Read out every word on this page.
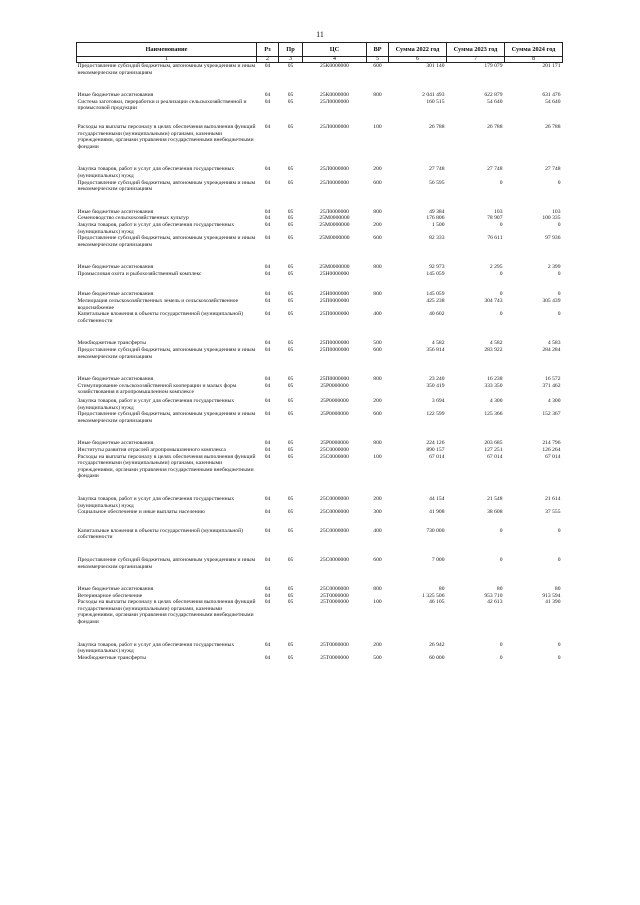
11
Наименование	Рз	Пр	ЦС	ВР	Сумма 2022 год	Сумма 2023 год	Сумма 2024 год
1	2	3	4	5	6	7	8
Предоставление субсидий бюджетным, автономным учреждениям и иным некоммерческим организациям	04	05	25К0000000	600	301 140	179 079	201 171

Иные бюджетные ассигнования	04	05	25К0000000	800	2 041 493	622 879	631 476
Система заготовки, переработки и реализации сельскохозяйственной и промысловой продукции	04	05	25Л0000000		160 515	54 640	54 640

Расходы на выплаты персоналу в целях обеспечения выполнения функций государственными (муниципальными) органами, казенными учреждениями, органами управления государственными внебюджетными фондами	04	05	25Л0000000	100	26 788	26 788	26 788

Закупка товаров, работ и услуг для обеспечения государственных (муниципальных) нужд	04	05	25Л0000000	200	27 748	27 748	27 748
Предоставление субсидий бюджетным, автономным учреждениям и иным некоммерческим организациям	04	05	25Л0000000	600	56 595	0	0

Иные бюджетные ассигнования	04	05	25Л0000000	800	49 384	103	103
Семеноводство сельскохозяйственных культур	04	05	25М0000000		176 806	78 907	100 335
Закупка товаров, работ и услуг для обеспечения государственных (муниципальных) нужд	04	05	25М0000000	200	1 500	0	0
Предоставление субсидий бюджетным, автономным учреждениям и иным некоммерческим организациям	04	05	25М0000000	600	82 333	76 611	97 936

Иные бюджетные ассигнования	04	05	25М0000000	800	92 973	2 295	2 399
Промысловая охота и рыбохозяйственный комплекс	04	05	25Н0000000		145 059	0	0

Иные бюджетные ассигнования	04	05	25Н0000000	800	145 059	0	0
Мелиорация сельскохозяйственных земель и сельскохозяйственное водоснабжение	04	05	25П0000000		425 238	304 743	305 439
Капитальные вложения в объекты государственной (муниципальной) собственности	04	05	25П0000000	400	40 602	0	0

Межбюджетные трансферты	04	05	25П0000000	500	4 582	4 582	4 583
Предоставление субсидий бюджетным, автономным учреждениям и иным некоммерческим организациям	04	05	25П0000000	600	356 814	283 922	284 284

Иные бюджетные ассигнования	04	05	25П0000000	800	23 240	16 238	16 572
Стимулирование сельскохозяйственной кооперации и малых форм хозяйствования в агропромышленном комплексе	04	05	25Р0000000		350 419	333 350	371 462

Закупка товаров, работ и услуг для обеспечения государственных (муниципальных) нужд	04	05	25Р0000000	200	3 694	4 300	4 300
Предоставление субсидий бюджетным, автономным учреждениям и иным некоммерческим организациям	04	05	25Р0000000	600	122 599	125 366	152 367

Иные бюджетные ассигнования	04	05	25Р0000000	800	224 126	203 685	214 796
Институты развития отраслей агропромышленного комплекса	04	05	25С0000000		890 157	127 251	126 264
Расходы на выплаты персоналу в целях обеспечения выполнения функций государственными (муниципальными) органами, казенными учреждениями, органами управления государственными внебюджетными фондами	04	05	25С0000000	100	67 014	67 014	67 014

Закупка товаров, работ и услуг для обеспечения государственных (муниципальных) нужд	04	05	25С0000000	200	44 154	21 548	21 614
Социальное обеспечение и иные выплаты населению	04	05	25С0000000	300	41 908	38 608	37 555

Капитальные вложения в объекты государственной (муниципальной) собственности	04	05	25С0000000	400	730 000	0	0

Предоставление субсидий бюджетным, автономным учреждениям и иным некоммерческим организациям	04	05	25С0000000	600	7 000	0	0

Иные бюджетные ассигнования	04	05	25С0000000	800	80	80	80
Ветеринарное обеспечение	04	05	25Т0000000		1 325 506	953 710	913 594
Расходы на выплаты персоналу в целях обеспечения выполнения функций государственными (муниципальными) органами, казенными учреждениями, органами управления государственными внебюджетными фондами	04	05	25Т0000000	100	46 105	42 613	41 390

Закупка товаров, работ и услуг для обеспечения государственных (муниципальных) нужд	04	05	25Т0000000	200	26 942	0	0
Межбюджетные трансферты	04	05	25Т0000000	500	60 000	0	0
